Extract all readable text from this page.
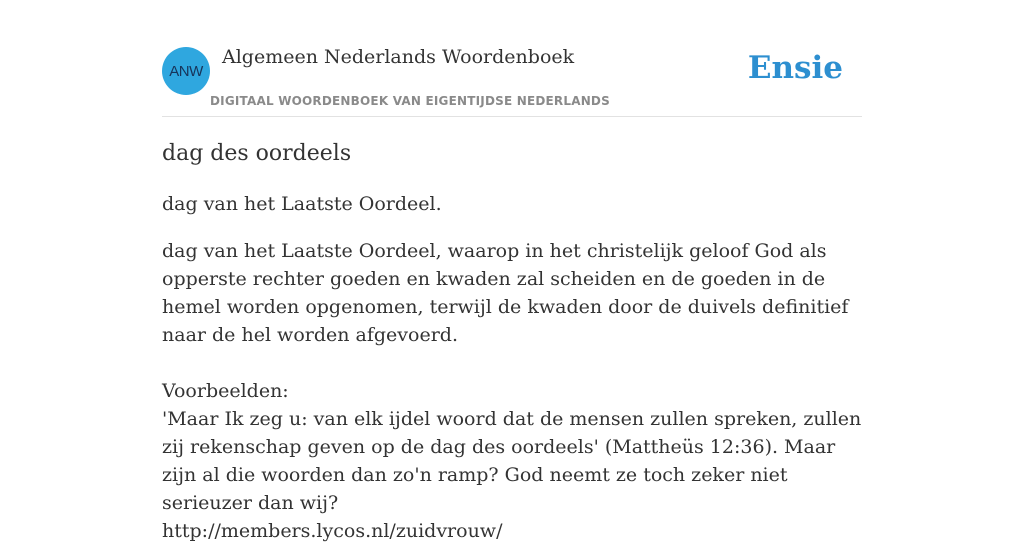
ANW
Algemeen Nederlands Woordenboek
DIGITAAL WOORDENBOEK VAN EIGENTIJDSE NEDERLANDS
Ensie
dag des oordeels

dag van het Laatste Oordeel.

dag van het Laatste Oordeel, waarop in het christelijk geloof God als opperste rechter goeden en kwaden zal scheiden en de goeden in de hemel worden opgenomen, terwijl de kwaden door de duivels definitief naar de hel worden afgevoerd.

Voorbeelden:
'Maar Ik zeg u: van elk ijdel woord dat de mensen zullen spreken, zullen zij rekenschap geven op de dag des oordeels' (Mattheüs 12:36). Maar zijn al die woorden dan zo'n ramp? God neemt ze toch zeker niet serieuzer dan wij?
http://members.lycos.nl/zuidvrouw/
